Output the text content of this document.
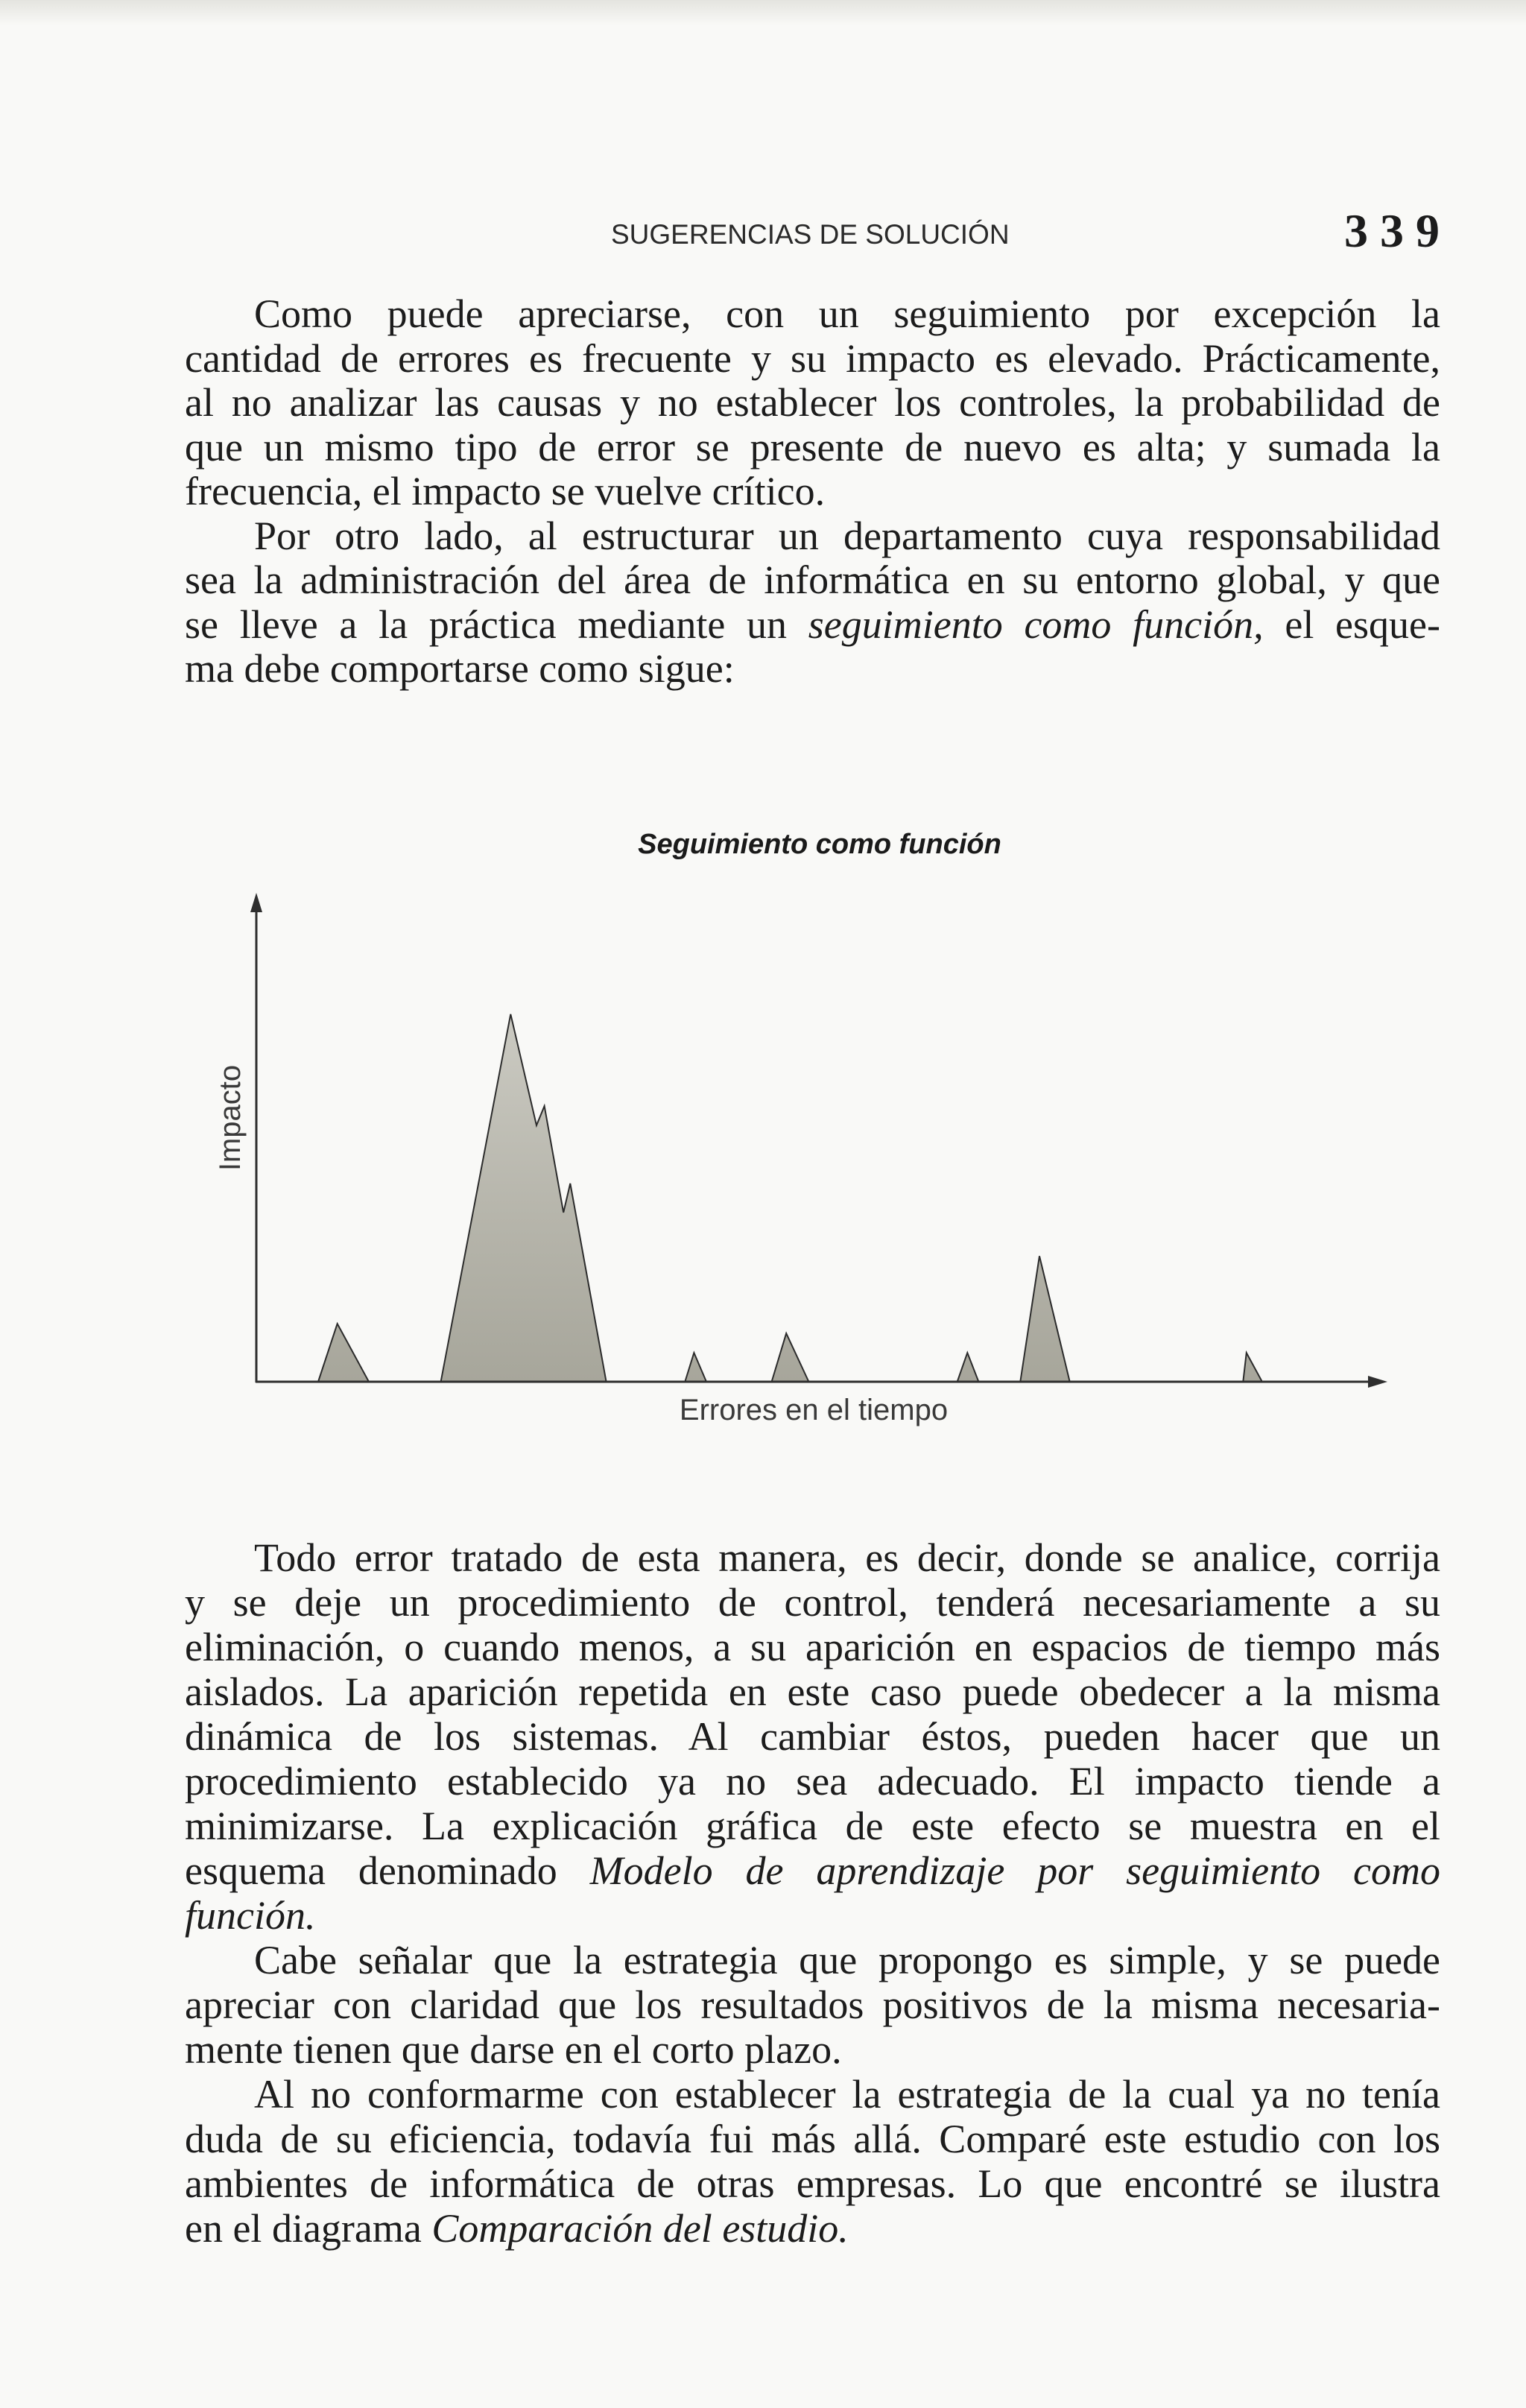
SUGERENCIAS DE SOLUCIÓN	339
Como puede apreciarse, con un seguimiento por excepción la
cantidad de errores es frecuente y su impacto es elevado. Prácticamente,
al no analizar las causas y no establecer los controles, la probabilidad de
que un mismo tipo de error se presente de nuevo es alta; y sumada la
frecuencia, el impacto se vuelve crítico.
Por otro lado, al estructurar un departamento cuya responsabilidad
sea la administración del área de informática en su entorno global, y que
se lleve a la práctica mediante un seguimiento como función, el esque-
ma debe comportarse como sigue:
Seguimiento como función
Impacto
Errores en el tiempo
Todo error tratado de esta manera, es decir, donde se analice, corrija
y se deje un procedimiento de control, tenderá necesariamente a su
eliminación, o cuando menos, a su aparición en espacios de tiempo más
aislados. La aparición repetida en este caso puede obedecer a la misma
dinámica de los sistemas. Al cambiar éstos, pueden hacer que un
procedimiento establecido ya no sea adecuado. El impacto tiende a
minimizarse. La explicación gráfica de este efecto se muestra en el
esquema denominado Modelo de aprendizaje por seguimiento como
función.
Cabe señalar que la estrategia que propongo es simple, y se puede
apreciar con claridad que los resultados positivos de la misma necesaria-
mente tienen que darse en el corto plazo.
Al no conformarme con establecer la estrategia de la cual ya no tenía
duda de su eficiencia, todavía fui más allá. Comparé este estudio con los
ambientes de informática de otras empresas. Lo que encontré se ilustra
en el diagrama Comparación del estudio.
